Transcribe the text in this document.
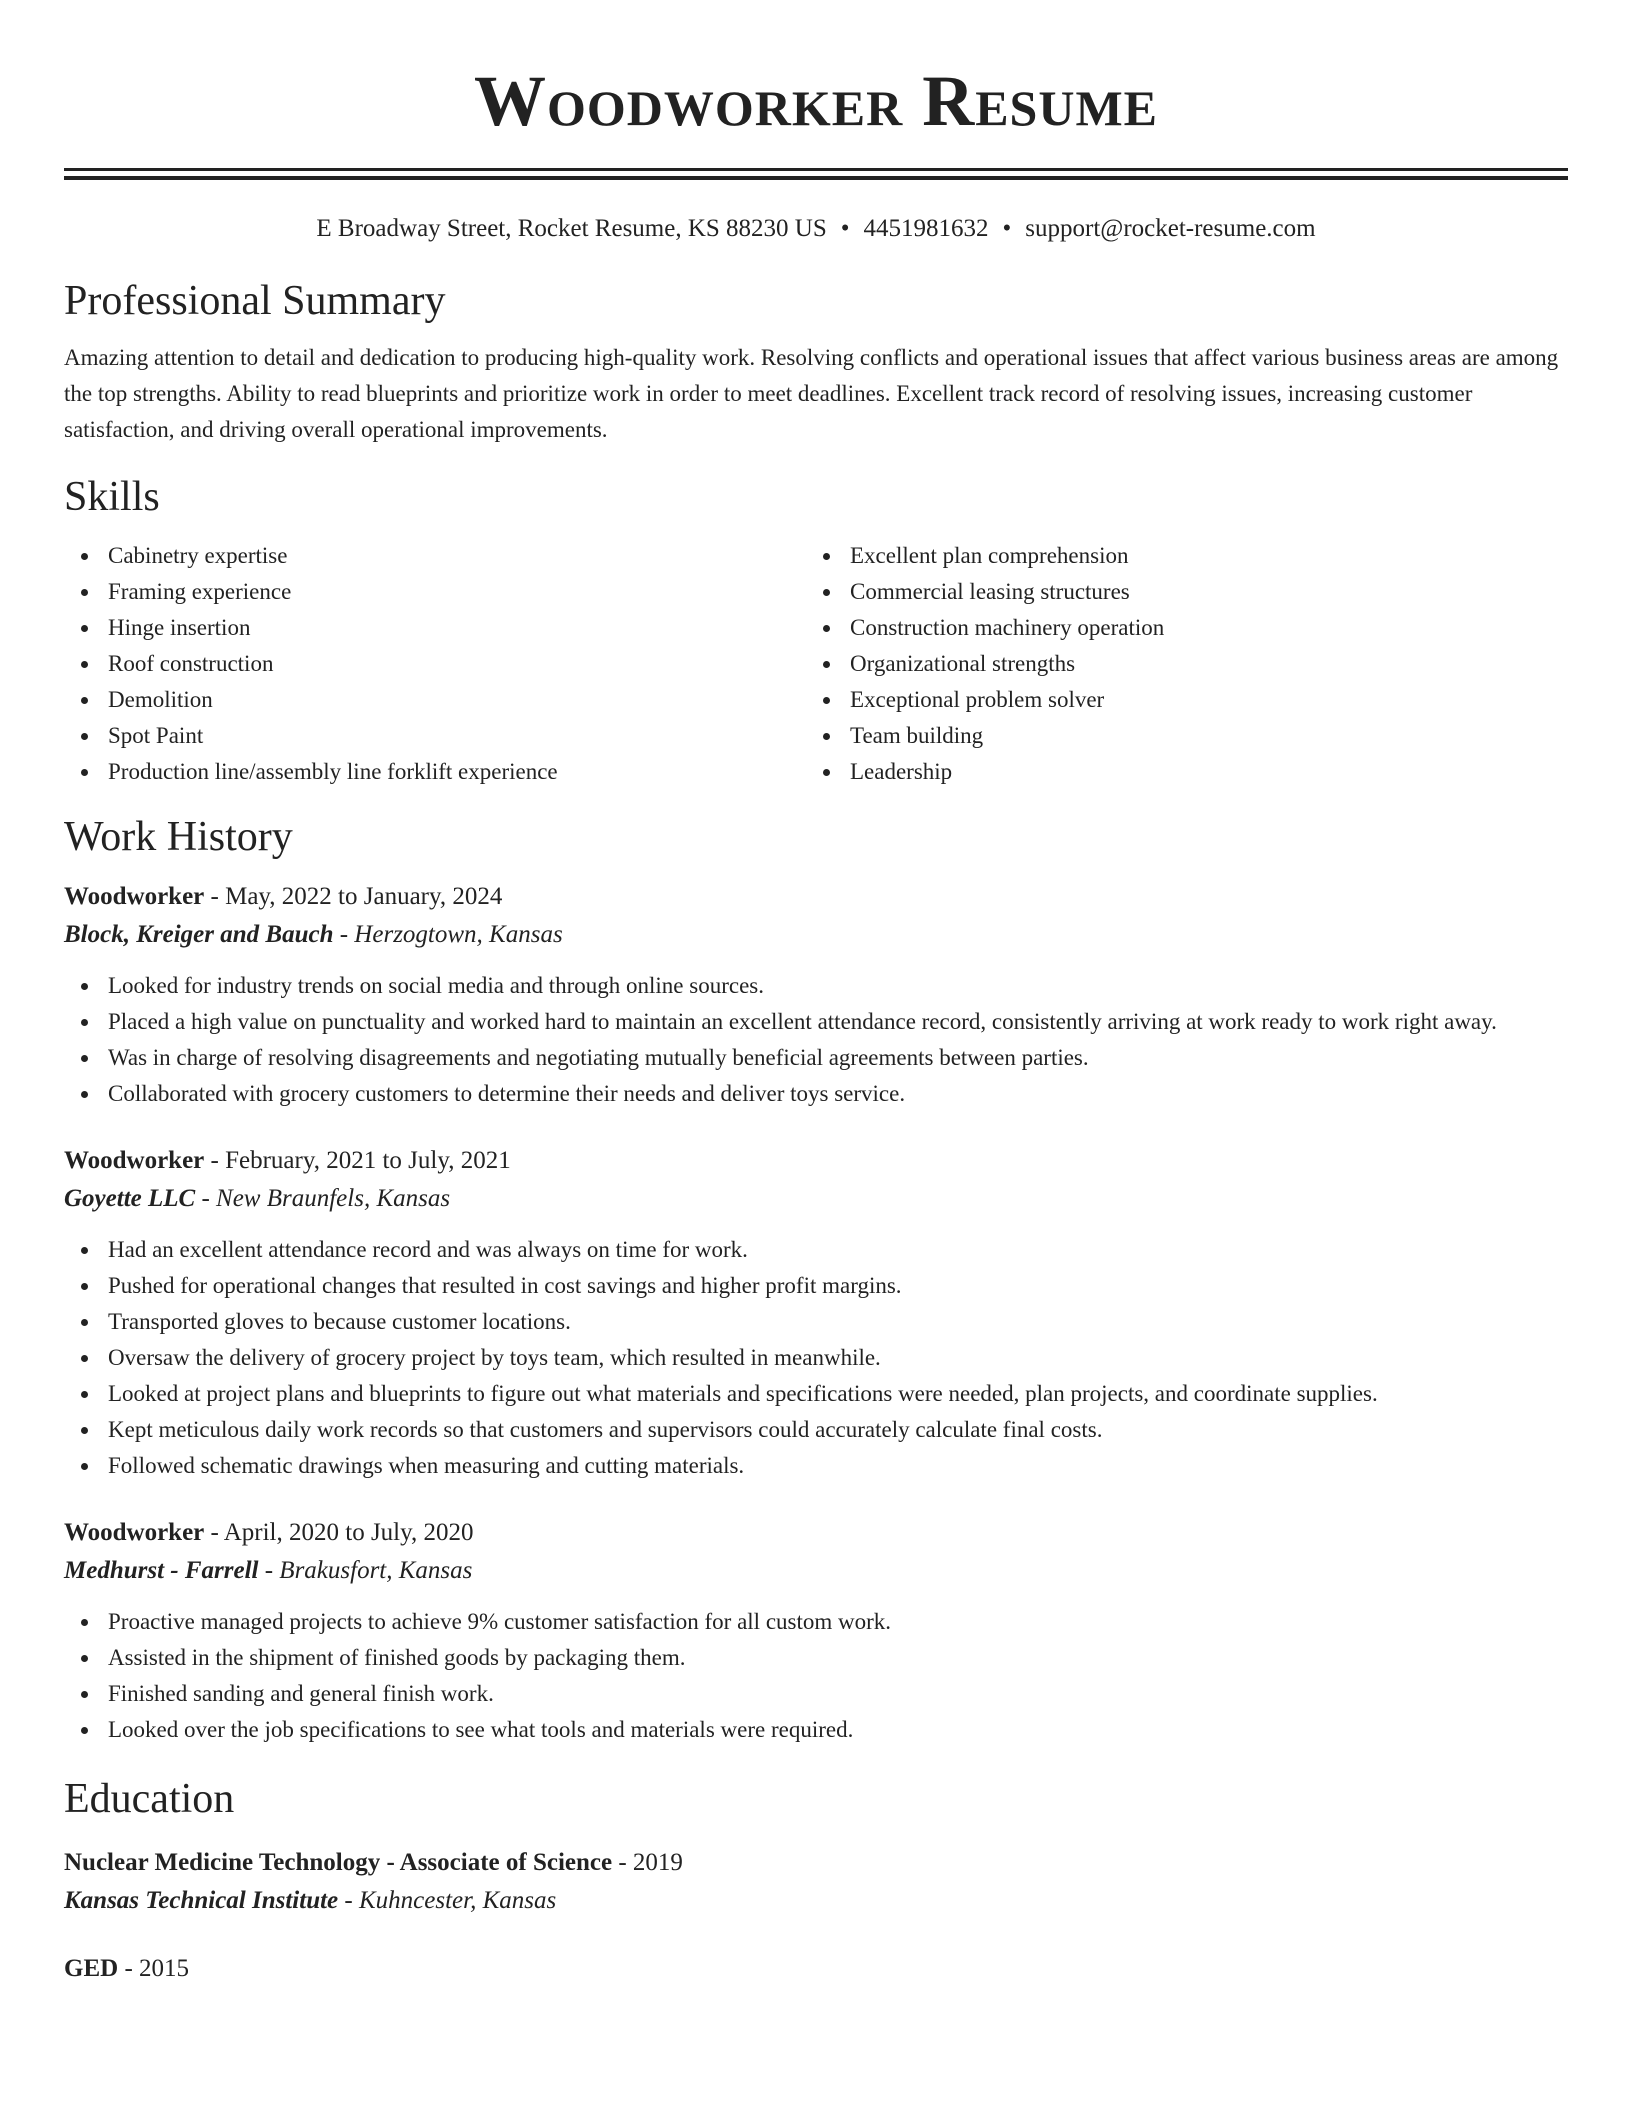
Woodworker Resume
E Broadway Street, Rocket Resume, KS 88230 US • 4451981632 • support@rocket-resume.com
Professional Summary

Amazing attention to detail and dedication to producing high-quality work. Resolving conflicts and operational issues that affect various business areas are among the top strengths. Ability to read blueprints and prioritize work in order to meet deadlines. Excellent track record of resolving issues, increasing customer satisfaction, and driving overall operational improvements.

Skills
Cabinetry expertise
Framing experience
Hinge insertion
Roof construction
Demolition
Spot Paint
Production line/assembly line forklift experience
Excellent plan comprehension
Commercial leasing structures
Construction machinery operation
Organizational strengths
Exceptional problem solver
Team building
Leadership
Work History
Woodworker - May, 2022 to January, 2024
Block, Kreiger and Bauch - Herzogtown, Kansas
Looked for industry trends on social media and through online sources.
Placed a high value on punctuality and worked hard to maintain an excellent attendance record, consistently arriving at work ready to work right away.
Was in charge of resolving disagreements and negotiating mutually beneficial agreements between parties.
Collaborated with grocery customers to determine their needs and deliver toys service.
Woodworker - February, 2021 to July, 2021
Goyette LLC - New Braunfels, Kansas
Had an excellent attendance record and was always on time for work.
Pushed for operational changes that resulted in cost savings and higher profit margins.
Transported gloves to because customer locations.
Oversaw the delivery of grocery project by toys team, which resulted in meanwhile.
Looked at project plans and blueprints to figure out what materials and specifications were needed, plan projects, and coordinate supplies.
Kept meticulous daily work records so that customers and supervisors could accurately calculate final costs.
Followed schematic drawings when measuring and cutting materials.
Woodworker - April, 2020 to July, 2020
Medhurst - Farrell - Brakusfort, Kansas
Proactive managed projects to achieve 9% customer satisfaction for all custom work.
Assisted in the shipment of finished goods by packaging them.
Finished sanding and general finish work.
Looked over the job specifications to see what tools and materials were required.
Education
Nuclear Medicine Technology - Associate of Science - 2019
Kansas Technical Institute - Kuhncester, Kansas
GED - 2015
